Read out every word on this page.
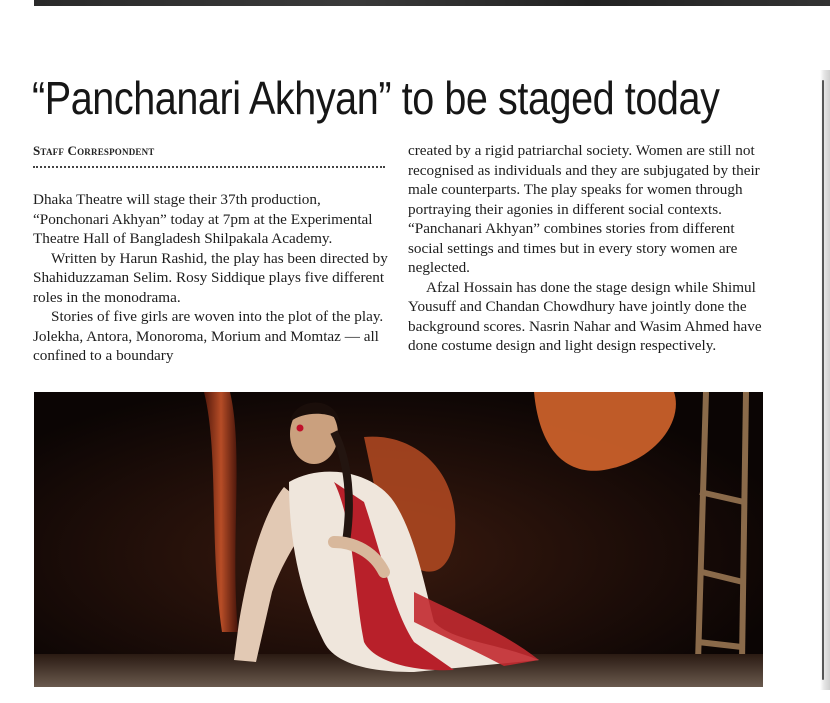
“Panchanari Akhyan” to be staged today
Staff Correspondent

Dhaka Theatre will stage their 37th production, “Ponchonari Akhyan” today at 7pm at the Experimental Theatre Hall of Bangladesh Shilpakala Academy.

Written by Harun Rashid, the play has been directed by Shahiduzzaman Selim. Rosy Siddique plays five different roles in the monodrama.

Stories of five girls are woven into the plot of the play. Jolekha, Antora, Monoroma, Morium and Momtaz — all confined to a boundary

created by a rigid patriarchal society. Women are still not recognised as individuals and they are subjugated by their male counterparts. The play speaks for women through portraying their agonies in different social contexts. “Panchanari Akhyan” combines stories from different social settings and times but in every story women are neglected.

Afzal Hossain has done the stage design while Shimul Yousuff and Chandan Chowdhury have jointly done the background scores. Nasrin Nahar and Wasim Ahmed have done costume design and light design respectively.
